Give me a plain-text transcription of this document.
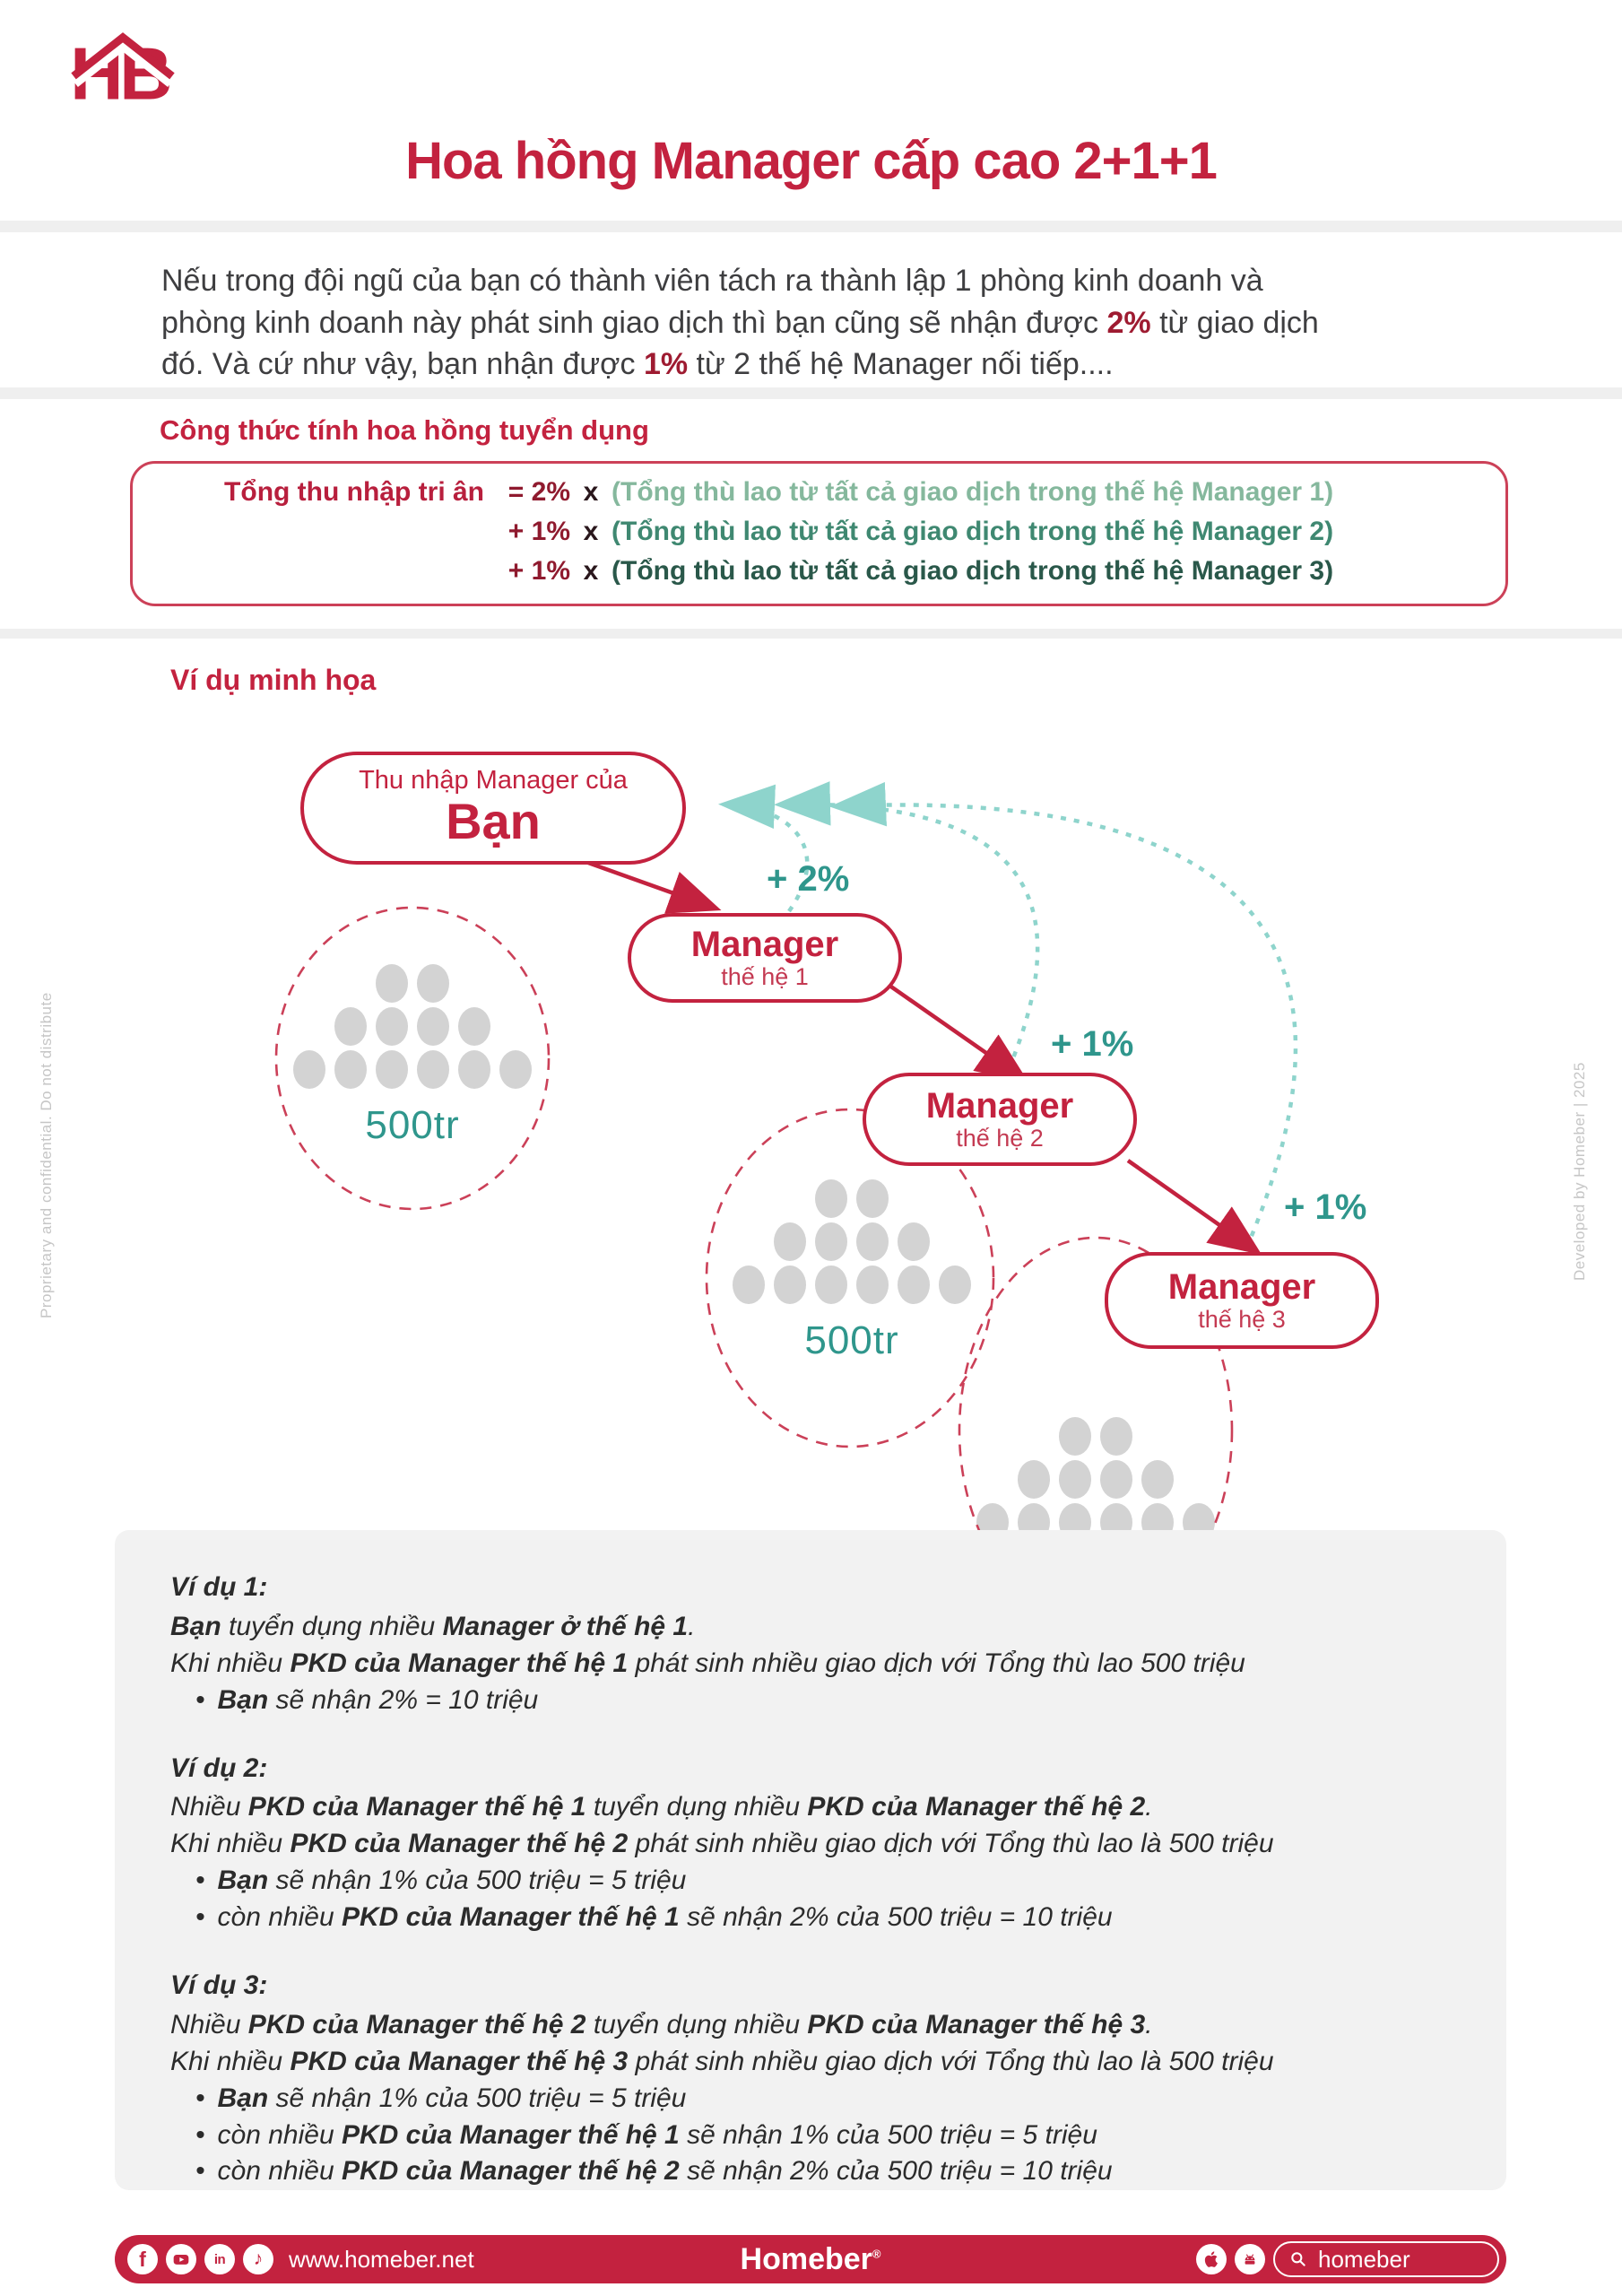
H
B
Hoa hồng Manager cấp cao 2+1+1
Nếu trong đội ngũ của bạn có thành viên tách ra thành lập 1 phòng kinh doanh và
phòng kinh doanh này phát sinh giao dịch thì bạn cũng sẽ nhận được 2% từ giao dịch
đó. Và cứ như vậy, bạn nhận được 1% từ 2 thế hệ Manager nối tiếp....
Công thức tính hoa hồng tuyển dụng
Tổng thu nhập tri ân = 2% x (Tổng thù lao từ tất cả giao dịch trong thế hệ Manager 1)
+ 1% x (Tổng thù lao từ tất cả giao dịch trong thế hệ Manager 2)
+ 1% x (Tổng thù lao từ tất cả giao dịch trong thế hệ Manager 3)
Ví dụ minh họa
500tr
500tr
Thu nhập Manager của
Bạn
Manager
thế hệ 1
Manager
thế hệ 2
Manager
thế hệ 3
+ 2%
+ 1%
+ 1%
Ví dụ 1:
Bạn tuyển dụng nhiều Manager ở thế hệ 1.
Khi nhiều PKD của Manager thế hệ 1 phát sinh nhiều giao dịch với Tổng thù lao 500 triệu
• Bạn sẽ nhận 2% = 10 triệu
Ví dụ 2:
Nhiều PKD của Manager thế hệ 1 tuyển dụng nhiều PKD của Manager thế hệ 2.
Khi nhiều PKD của Manager thế hệ 2 phát sinh nhiều giao dịch với Tổng thù lao là 500 triệu
• Bạn sẽ nhận 1% của 500 triệu = 5 triệu
• còn nhiều PKD của Manager thế hệ 1 sẽ nhận 2% của 500 triệu = 10 triệu
Ví dụ 3:
Nhiều PKD của Manager thế hệ 2 tuyển dụng nhiều PKD của Manager thế hệ 3.
Khi nhiều PKD của Manager thế hệ 3 phát sinh nhiều giao dịch với Tổng thù lao là 500 triệu
• Bạn sẽ nhận 1% của 500 triệu = 5 triệu
• còn nhiều PKD của Manager thế hệ 1 sẽ nhận 1% của 500 triệu = 5 triệu
• còn nhiều PKD của Manager thế hệ 2 sẽ nhận 2% của 500 triệu = 10 triệu
f	in	♪	www.homeber.net	Homeber®	homeber
Proprietary and confidential. Do not distribute	Developed by Homeber | 2025
